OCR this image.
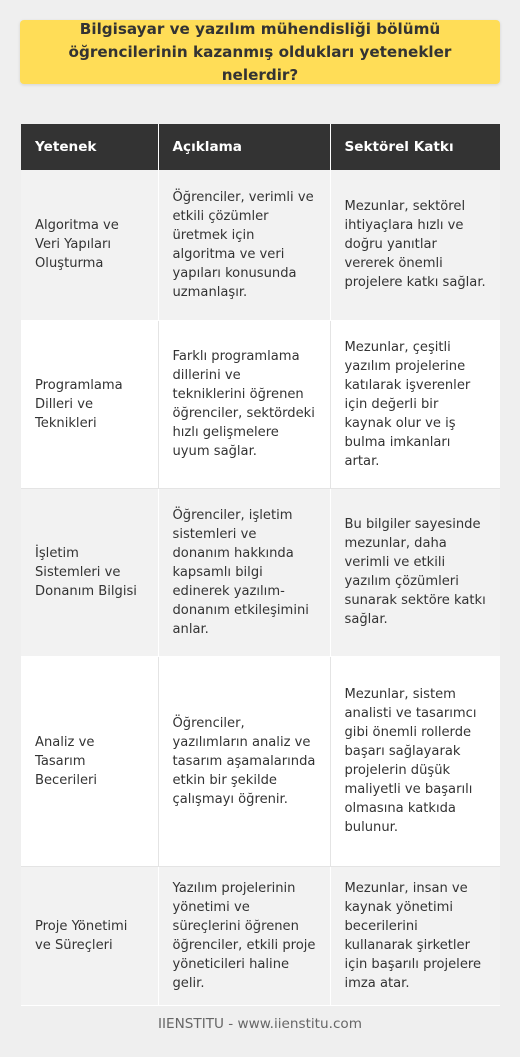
Bilgisayar ve yazılım mühendisliği bölümü öğrencilerinin kazanmış oldukları yetenekler nelerdir?
Yetenek	Açıklama	Sektörel Katkı
Algoritma ve Veri Yapıları Oluşturma	Öğrenciler, verimli ve etkili çözümler üretmek için algoritma ve veri yapıları konusunda uzmanlaşır.	Mezunlar, sektörel ihtiyaçlara hızlı ve doğru yanıtlar vererek önemli projelere katkı sağlar.
Programlama Dilleri ve Teknikleri	Farklı programlama dillerini ve tekniklerini öğrenen öğrenciler, sektördeki hızlı gelişmelere uyum sağlar.	Mezunlar, çeşitli yazılım projelerine katılarak işverenler için değerli bir kaynak olur ve iş bulma imkanları artar.
İşletim Sistemleri ve Donanım Bilgisi	Öğrenciler, işletim sistemleri ve donanım hakkında kapsamlı bilgi edinerek yazılım-donanım etkileşimini anlar.	Bu bilgiler sayesinde mezunlar, daha verimli ve etkili yazılım çözümleri sunarak sektöre katkı sağlar.
Analiz ve Tasarım Becerileri	Öğrenciler, yazılımların analiz ve tasarım aşamalarında etkin bir şekilde çalışmayı öğrenir.	Mezunlar, sistem analisti ve tasarımcı gibi önemli rollerde başarı sağlayarak projelerin düşük maliyetli ve başarılı olmasına katkıda bulunur.
Proje Yönetimi ve Süreçleri	Yazılım projelerinin yönetimi ve süreçlerini öğrenen öğrenciler, etkili proje yöneticileri haline gelir.	Mezunlar, insan ve kaynak yönetimi becerilerini kullanarak şirketler için başarılı projelere imza atar.
IIENSTITU - www.iienstitu.com
